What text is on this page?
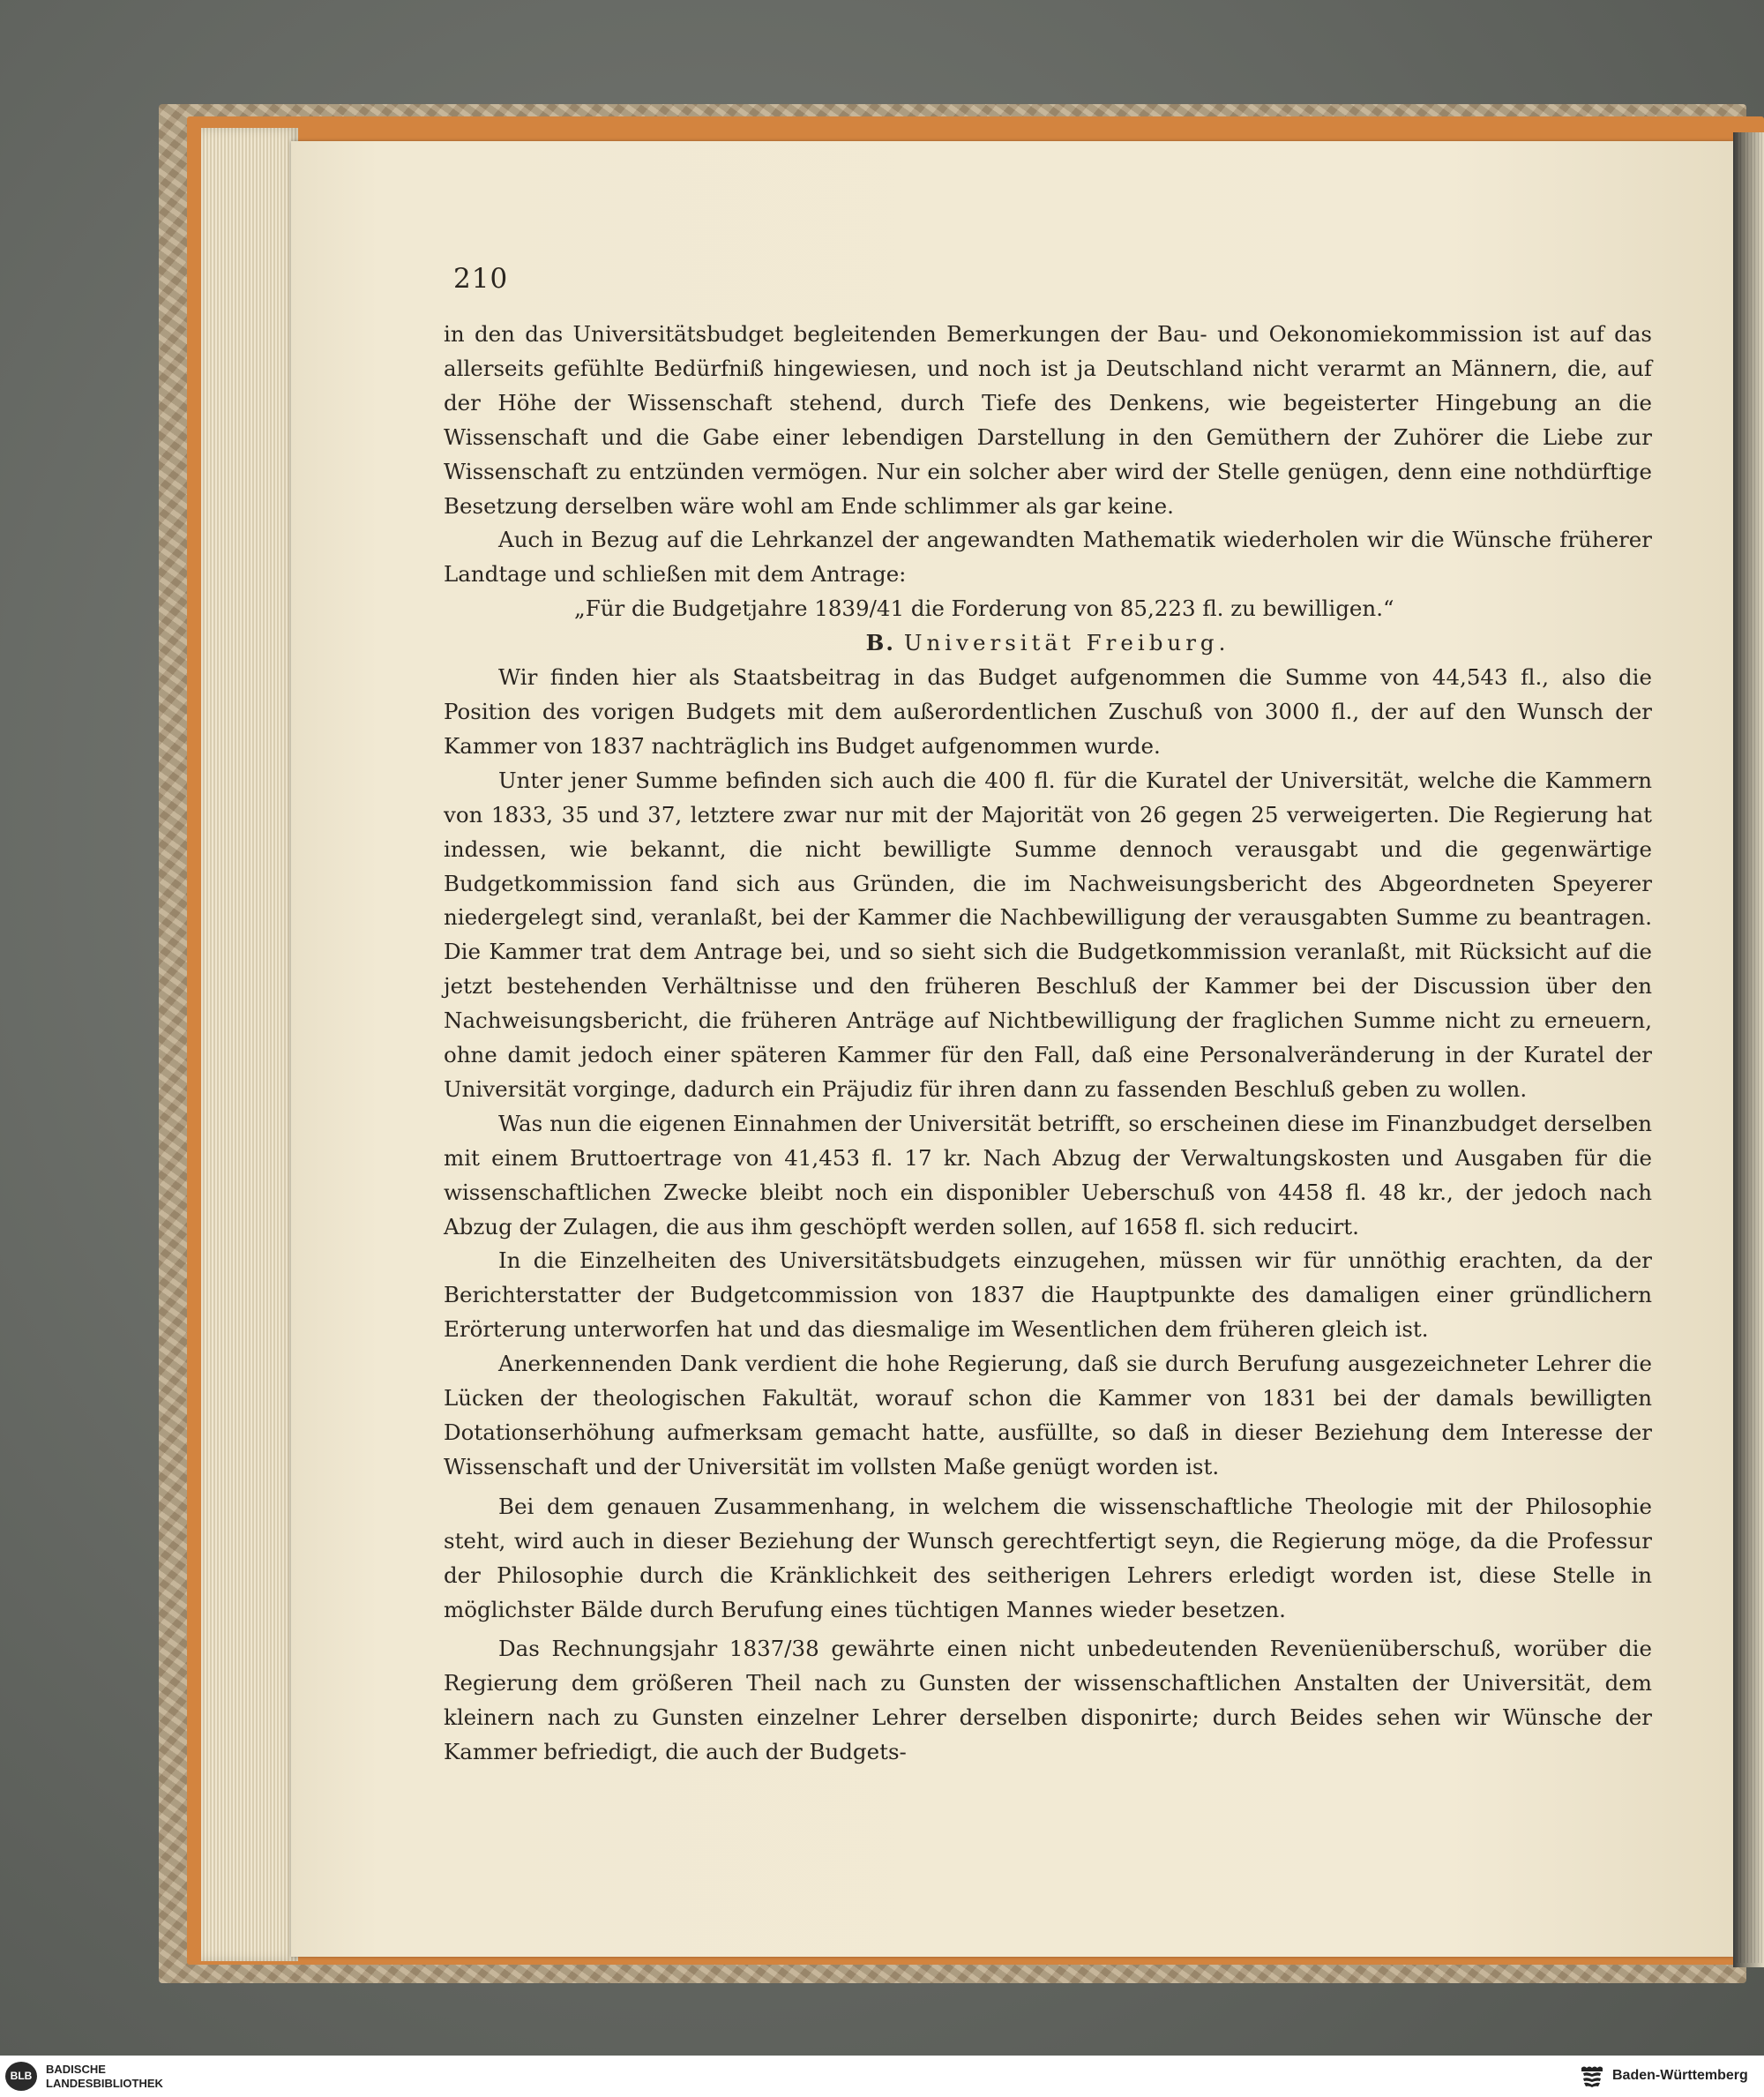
210

in den das Universitätsbudget begleitenden Bemerkungen der Bau- und Oekonomiekommission ist auf das allerseits gefühlte Bedürfniß hingewiesen, und noch ist ja Deutschland nicht verarmt an Männern, die, auf der Höhe der Wissenschaft stehend, durch Tiefe des Denkens, wie begeisterter Hingebung an die Wissenschaft und die Gabe einer lebendigen Darstellung in den Gemüthern der Zuhörer die Liebe zur Wissenschaft zu entzünden vermögen. Nur ein solcher aber wird der Stelle genügen, denn eine nothdürftige Besetzung derselben wäre wohl am Ende schlimmer als gar keine.

Auch in Bezug auf die Lehrkanzel der angewandten Mathematik wiederholen wir die Wünsche früherer Landtage und schließen mit dem Antrage:

„Für die Budgetjahre 1839/41 die Forderung von 85,223 fl. zu bewilligen.“

B. Universität Freiburg.

Wir finden hier als Staatsbeitrag in das Budget aufgenommen die Summe von 44,543 fl., also die Position des vorigen Budgets mit dem außerordentlichen Zuschuß von 3000 fl., der auf den Wunsch der Kammer von 1837 nachträglich ins Budget aufgenommen wurde.

Unter jener Summe befinden sich auch die 400 fl. für die Kuratel der Universität, welche die Kammern von 1833, 35 und 37, letztere zwar nur mit der Majorität von 26 gegen 25 verweigerten. Die Regierung hat indessen, wie bekannt, die nicht bewilligte Summe dennoch verausgabt und die gegenwärtige Budgetkommission fand sich aus Gründen, die im Nachweisungsbericht des Abgeordneten Speyerer niedergelegt sind, veranlaßt, bei der Kammer die Nachbewilligung der verausgabten Summe zu beantragen. Die Kammer trat dem Antrage bei, und so sieht sich die Budgetkommission veranlaßt, mit Rücksicht auf die jetzt bestehenden Verhältnisse und den früheren Beschluß der Kammer bei der Discussion über den Nachweisungsbericht, die früheren Anträge auf Nichtbewilligung der fraglichen Summe nicht zu erneuern, ohne damit jedoch einer späteren Kammer für den Fall, daß eine Personalveränderung in der Kuratel der Universität vorginge, dadurch ein Präjudiz für ihren dann zu fassenden Beschluß geben zu wollen.

Was nun die eigenen Einnahmen der Universität betrifft, so erscheinen diese im Finanzbudget derselben mit einem Bruttoertrage von 41,453 fl. 17 kr. Nach Abzug der Verwaltungskosten und Ausgaben für die wissenschaftlichen Zwecke bleibt noch ein disponibler Ueberschuß von 4458 fl. 48 kr., der jedoch nach Abzug der Zulagen, die aus ihm geschöpft werden sollen, auf 1658 fl. sich reducirt.

In die Einzelheiten des Universitätsbudgets einzugehen, müssen wir für unnöthig erachten, da der Berichterstatter der Budgetcommission von 1837 die Hauptpunkte des damaligen einer gründlichern Erörterung unterworfen hat und das diesmalige im Wesentlichen dem früheren gleich ist.

Anerkennenden Dank verdient die hohe Regierung, daß sie durch Berufung ausgezeichneter Lehrer die Lücken der theologischen Fakultät, worauf schon die Kammer von 1831 bei der damals bewilligten Dotationserhöhung aufmerksam gemacht hatte, ausfüllte, so daß in dieser Beziehung dem Interesse der Wissenschaft und der Universität im vollsten Maße genügt worden ist.

Bei dem genauen Zusammenhang, in welchem die wissenschaftliche Theologie mit der Philosophie steht, wird auch in dieser Beziehung der Wunsch gerechtfertigt seyn, die Regierung möge, da die Professur der Philosophie durch die Kränklichkeit des seitherigen Lehrers erledigt worden ist, diese Stelle in möglichster Bälde durch Berufung eines tüchtigen Mannes wieder besetzen.

Das Rechnungsjahr 1837/38 gewährte einen nicht unbedeutenden Revenüenüberschuß, worüber die Regierung dem größeren Theil nach zu Gunsten der wissenschaftlichen Anstalten der Universität, dem kleinern nach zu Gunsten einzelner Lehrer derselben disponirte; durch Beides sehen wir Wünsche der Kammer befriedigt, die auch der Budgets-

BLB	BADISCHE
LANDESBIBLIOTHEK
Baden-Württemberg
